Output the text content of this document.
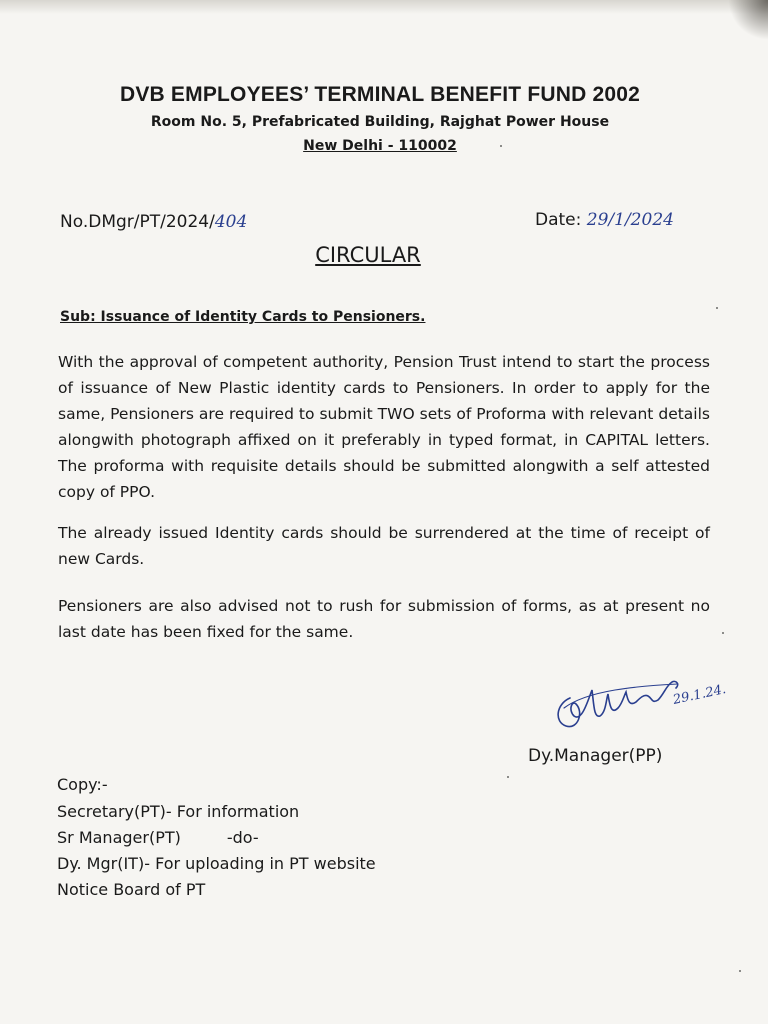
DVB EMPLOYEES’ TERMINAL BENEFIT FUND 2002
Room No. 5, Prefabricated Building, Rajghat Power House
New Delhi - 110002
No.DMgr/PT/2024/404	Date: 29/1/2024
CIRCULAR
Sub: Issuance of Identity Cards to Pensioners.

With the approval of competent authority, Pension Trust intend to start the process of issuance of New Plastic identity cards to Pensioners. In order to apply for the same, Pensioners are required to submit TWO sets of Proforma with relevant details alongwith photograph affixed on it preferably in typed format, in CAPITAL letters. The proforma with requisite details should be submitted alongwith a self attested copy of PPO.

The already issued Identity cards should be surrendered at the time of receipt of new Cards.

Pensioners are also advised not to rush for submission of forms, as at present no last date has been fixed for the same.

29.1.24.
Dy.Manager(PP)
Copy:-
Secretary(PT)- For information
Sr Manager(PT)	-do-
Dy. Mgr(IT)- For uploading in PT website
Notice Board of PT
